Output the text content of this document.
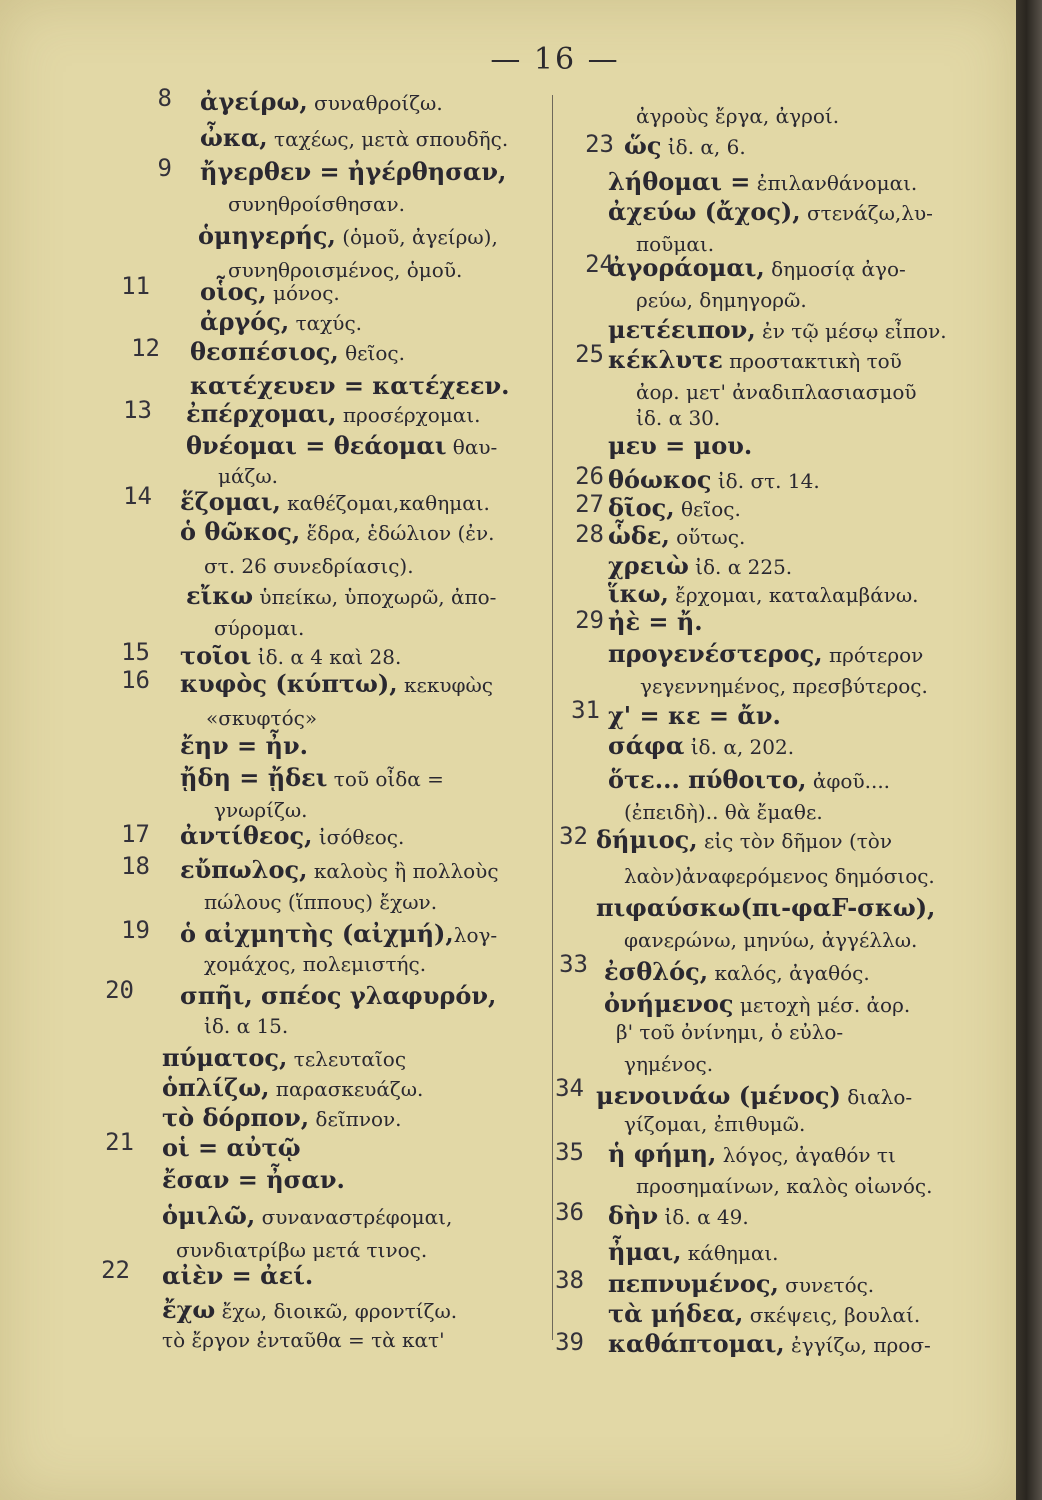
— 16 —
ἀγείρω, συναθροίζω.
ὦκα, ταχέως, μετὰ σπουδῆς.
ἤγερθεν = ἠγέρθησαν,
συνηθροίσθησαν.
ὁμηγερής, (ὁμοῦ, ἀγείρω),
συνηθροισμένος, ὁμοῦ.
οἷος, μόνος.
ἀργός, ταχύς.
θεσπέσιος, θεῖος.
κατέχευεν = κατέχεεν.
ἐπέρχομαι, προσέρχομαι.
θνέομαι = θεάομαι θαυ-
μάζω.
ἕζομαι, καθέζομαι,καθημαι.
ὁ θῶκος, ἕδρα, ἑδώλιον (ἐν.
στ. 26 συνεδρίασις).
εἴκω ὑπείκω, ὑποχωρῶ, ἀπο-
σύρομαι.
τοῖοι ἰδ. α 4 καὶ 28.
κυφὸς (κύπτω), κεκυφὼς
«σκυφτός»
ἔην = ἦν.
ᾔδη = ᾔδει τοῦ οἶδα =
γνωρίζω.
ἀντίθεος, ἰσόθεος.
εὔπωλος, καλοὺς ἢ πολλοὺς
πώλους (ἵππους) ἔχων.
ὁ αἰχμητὴς (αἰχμή),λογ-
χομάχος, πολεμιστής.
σπῆι, σπέος γλαφυρόν,
ἰδ. α 15.
πύματος, τελευταῖος
ὁπλίζω, παρασκευάζω.
τὸ δόρπον, δεῖπνον.
οἱ = αὐτῷ
ἔσαν = ἦσαν.
ὁμιλῶ, συναναστρέφομαι,
συνδιατρίβω μετά τινος.
αἰὲν = ἀεί.
ἔχω ἔχω, διοικῶ, φροντίζω.
τὸ ἔργον ἐνταῦθα = τὰ κατ'
8
9
11
12
13
14
15
16
17
18
19
20
21
22
ἀγροὺς ἔργα, ἀγροί.
ὥς ἰδ. α, 6.
λήθομαι = ἐπιλανθάνομαι.
ἀχεύω (ἄχος), στενάζω,λυ-
ποῦμαι.
ἀγοράομαι, δημοσίᾳ ἀγο-
ρεύω, δημηγορῶ.
μετέειπον, ἐν τῷ μέσῳ εἶπον.
κέκλυτε προστακτικὴ τοῦ
ἀορ. μετ' ἀναδιπλασιασμοῦ
ἰδ. α 30.
μευ = μου.
θόωκος ἰδ. στ. 14.
δῖος, θεῖος.
ὧδε, οὕτως.
χρειὼ ἰδ. α 225.
ἵκω, ἔρχομαι, καταλαμβάνω.
ἠὲ = ἤ.
προγενέστερος, πρότερον
γεγεννημένος, πρεσβύτερος.
χ' = κε = ἄν.
σάφα ἰδ. α, 202.
ὅτε... πύθοιτο, ἀφοῦ....
(ἐπειδὴ).. θὰ ἔμαθε.
δήμιος, εἰς τὸν δῆμον (τὸν
λαὸν)ἀναφερόμενος δημόσιος.
πιφαύσκω(πι-φαF-σκω),
φανερώνω, μηνύω, ἀγγέλλω.
ἐσθλός, καλός, ἀγαθός.
ὀνήμενος μετοχὴ μέσ. ἀορ.
β' τοῦ ὀνίνημι, ὁ εὐλο-
γημένος.
μενοινάω (μένος) διαλο-
γίζομαι, ἐπιθυμῶ.
ἡ φήμη, λόγος, ἀγαθόν τι
προσημαίνων, καλὸς οἰωνός.
δὴν ἰδ. α 49.
ἦμαι, κάθημαι.
πεπνυμένος, συνετός.
τὰ μήδεα, σκέψεις, βουλαί.
καθάπτομαι, ἐγγίζω, προσ-
23
24
25
26
27
28
29
31
32
33
34
35
36
38
39
